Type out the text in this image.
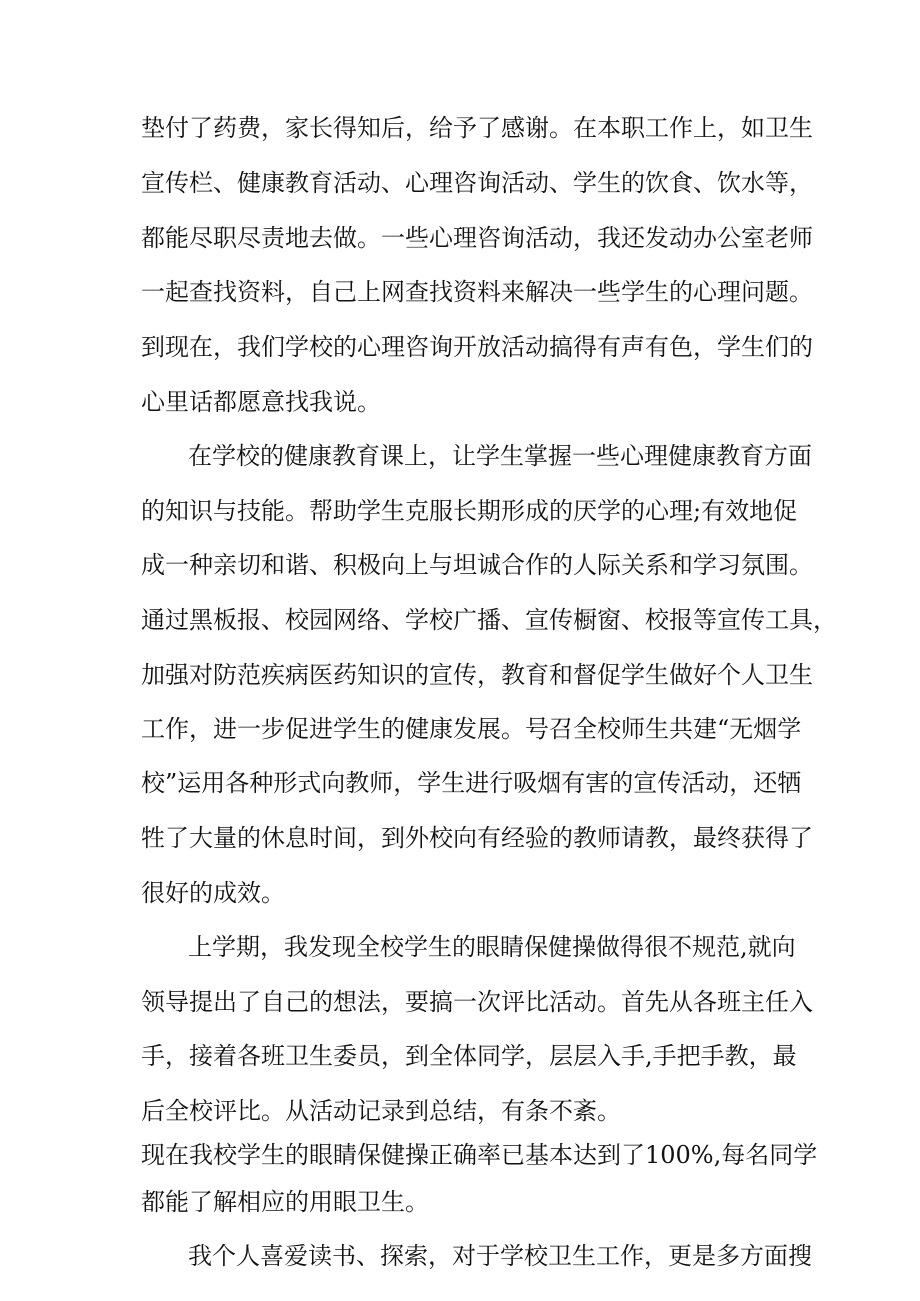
垫付了药费，家长得知后，给予了感谢。在本职工作上，如卫生
宣传栏、健康教育活动、心理咨询活动、学生的饮食、饮水等，
都能尽职尽责地去做。一些心理咨询活动，我还发动办公室老师
一起查找资料，自己上网查找资料来解决一些学生的心理问题。
到现在，我们学校的心理咨询开放活动搞得有声有色，学生们的
心里话都愿意找我说。
在学校的健康教育课上，让学生掌握一些心理健康教育方面
的知识与技能。帮助学生克服长期形成的厌学的心理;有效地促
成一种亲切和谐、积极向上与坦诚合作的人际关系和学习氛围。
通过黑板报、校园网络、学校广播、宣传橱窗、校报等宣传工具，
加强对防范疾病医药知识的宣传，教育和督促学生做好个人卫生
工作，进一步促进学生的健康发展。号召全校师生共建“无烟学
校”运用各种形式向教师，学生进行吸烟有害的宣传活动，还牺
牲了大量的休息时间，到外校向有经验的教师请教，最终获得了
很好的成效。
上学期，我发现全校学生的眼睛保健操做得很不规范,就向
领导提出了自己的想法，要搞一次评比活动。首先从各班主任入
手，接着各班卫生委员，到全体同学，层层入手,手把手教，最
后全校评比。从活动记录到总结，有条不紊。
现在我校学生的眼睛保健操正确率已基本达到了100%,每名同学
都能了解相应的用眼卫生。
我个人喜爱读书、探索，对于学校卫生工作，更是多方面搜
